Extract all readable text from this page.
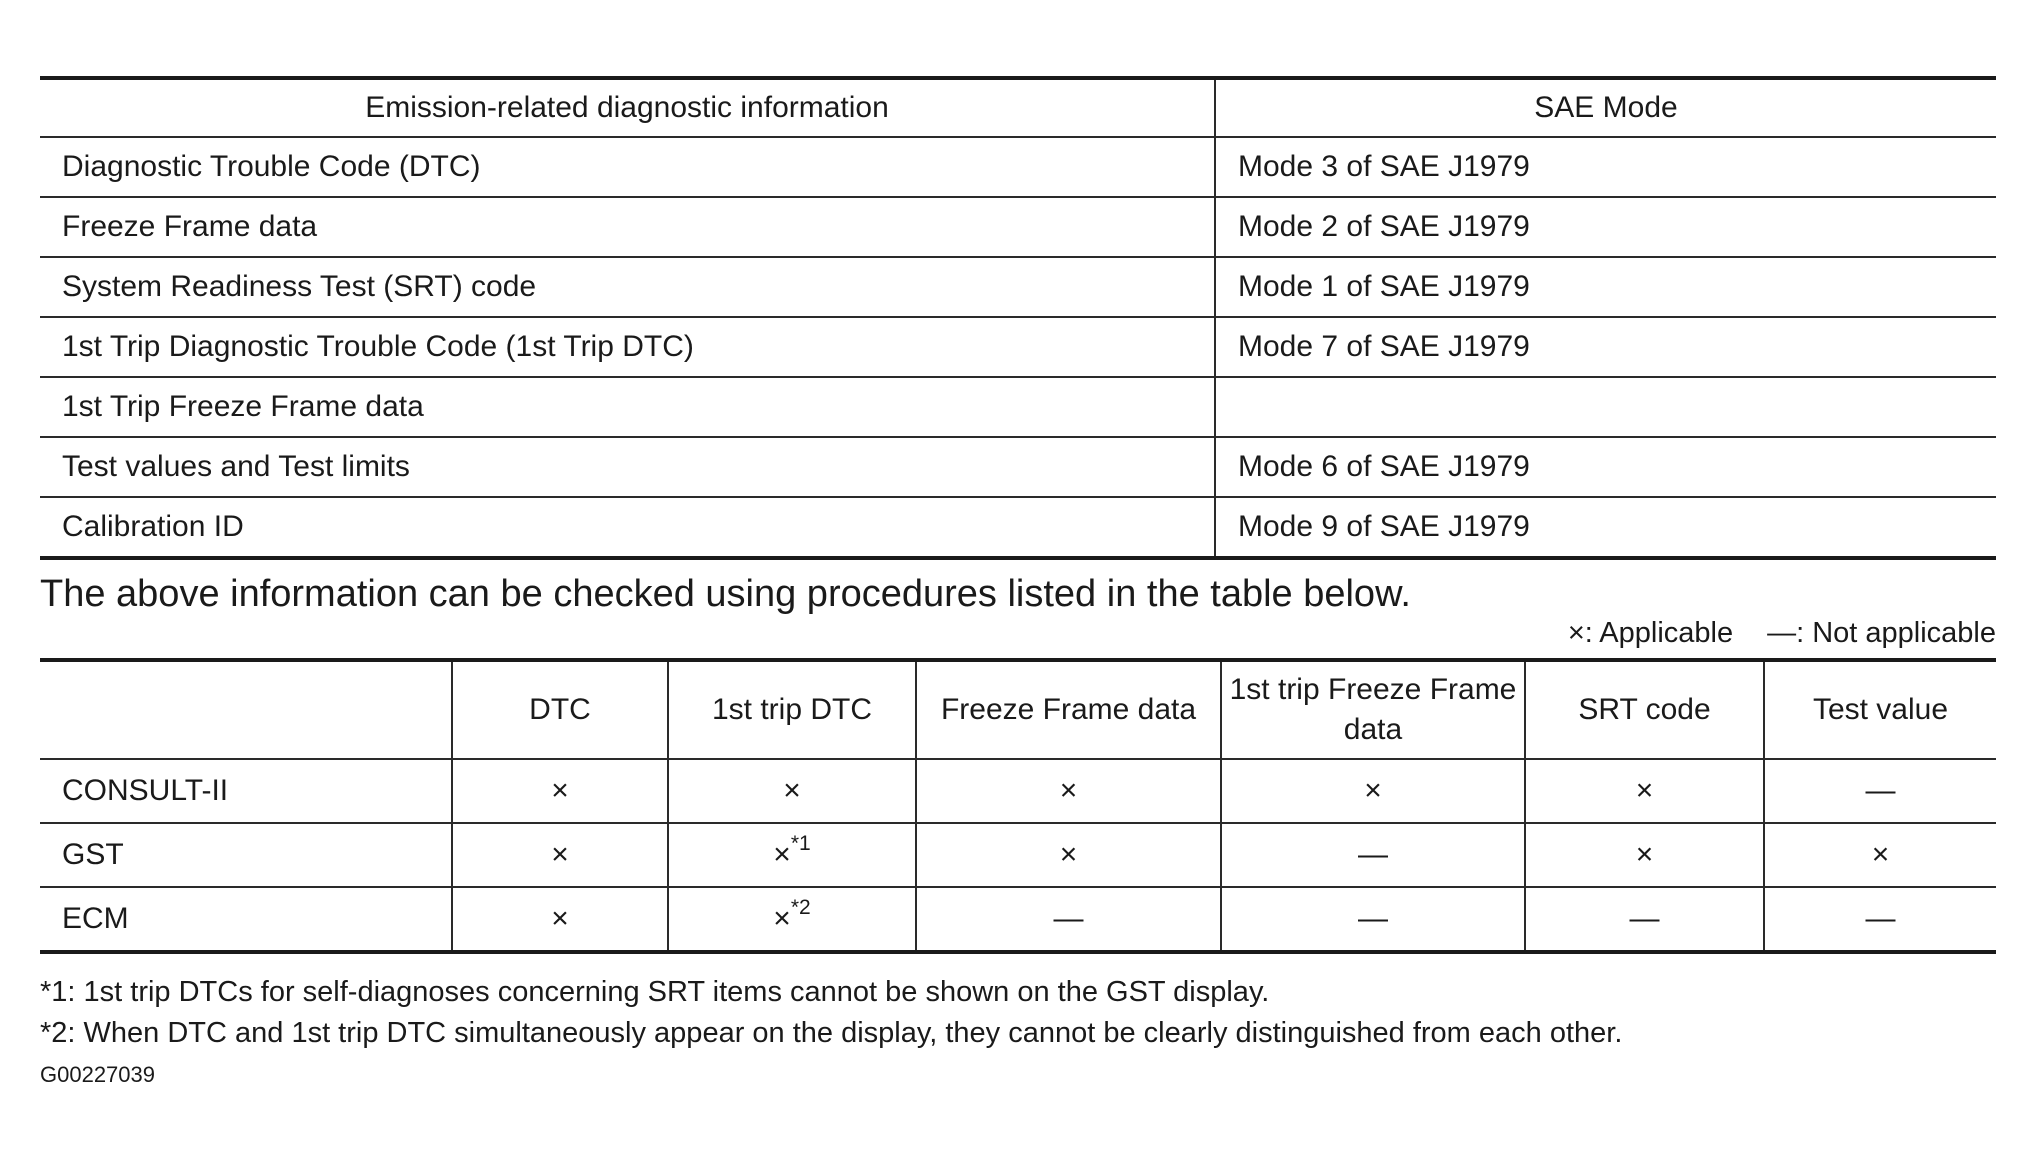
Emission-related diagnostic information	SAE Mode
Diagnostic Trouble Code (DTC)	Mode 3 of SAE J1979
Freeze Frame data	Mode 2 of SAE J1979
System Readiness Test (SRT) code	Mode 1 of SAE J1979
1st Trip Diagnostic Trouble Code (1st Trip DTC)	Mode 7 of SAE J1979
1st Trip Freeze Frame data	
Test values and Test limits	Mode 6 of SAE J1979
Calibration ID	Mode 9 of SAE J1979
The above information can be checked using procedures listed in the table below.
×: Applicable —: Not applicable
	DTC	1st trip DTC	Freeze Frame data	1st trip Freeze Frame data	SRT code	Test value
CONSULT-II	×	×	×	×	×	—
GST	×	×$^{*1}$	×	—	×	×
ECM	×	×$^{*2}$	—	—	—	—
*1: 1st trip DTCs for self-diagnoses concerning SRT items cannot be shown on the GST display.
*2: When DTC and 1st trip DTC simultaneously appear on the display, they cannot be clearly distinguished from each other.
G00227039
